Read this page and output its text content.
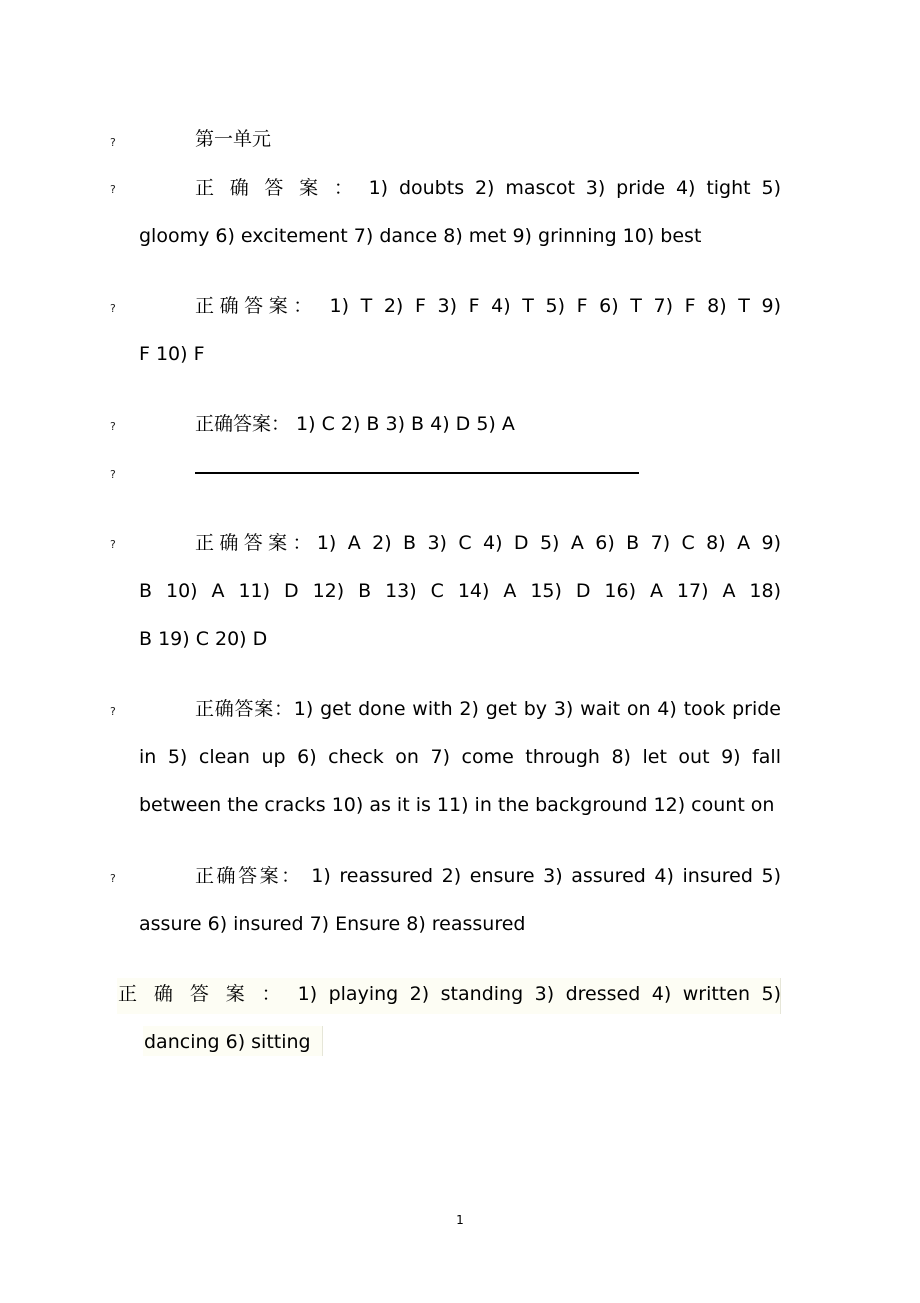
?	第一单元
?	正 确 答 案 ： 1) doubts 2) mascot 3) pride 4) tight 5)
gloomy 6) excitement 7) dance 8) met 9) grinning 10) best
?	正确答案： 1) T 2) F 3) F 4) T 5) F 6) T 7) F 8) T 9)
F 10) F
?	正确答案： 1) C 2) B 3) B 4) D 5) A
?
?	正确答案：1) A 2) B 3) C 4) D 5) A 6) B 7) C 8) A 9)
B 10) A 11) D 12) B 13) C 14) A 15) D 16) A 17) A 18)
B 19) C 20) D
?	正确答案：1) get done with 2) get by 3) wait on 4) took pride
in 5) clean up 6) check on 7) come through 8) let out 9) fall
between the cracks 10) as it is 11) in the background 12) count on
?	正确答案： 1) reassured 2) ensure 3) assured 4) insured 5)
assure 6) insured 7) Ensure 8) reassured
正 确 答 案 ： 1) playing 2) standing 3) dressed 4) written 5)
dancing 6) sitting
1
